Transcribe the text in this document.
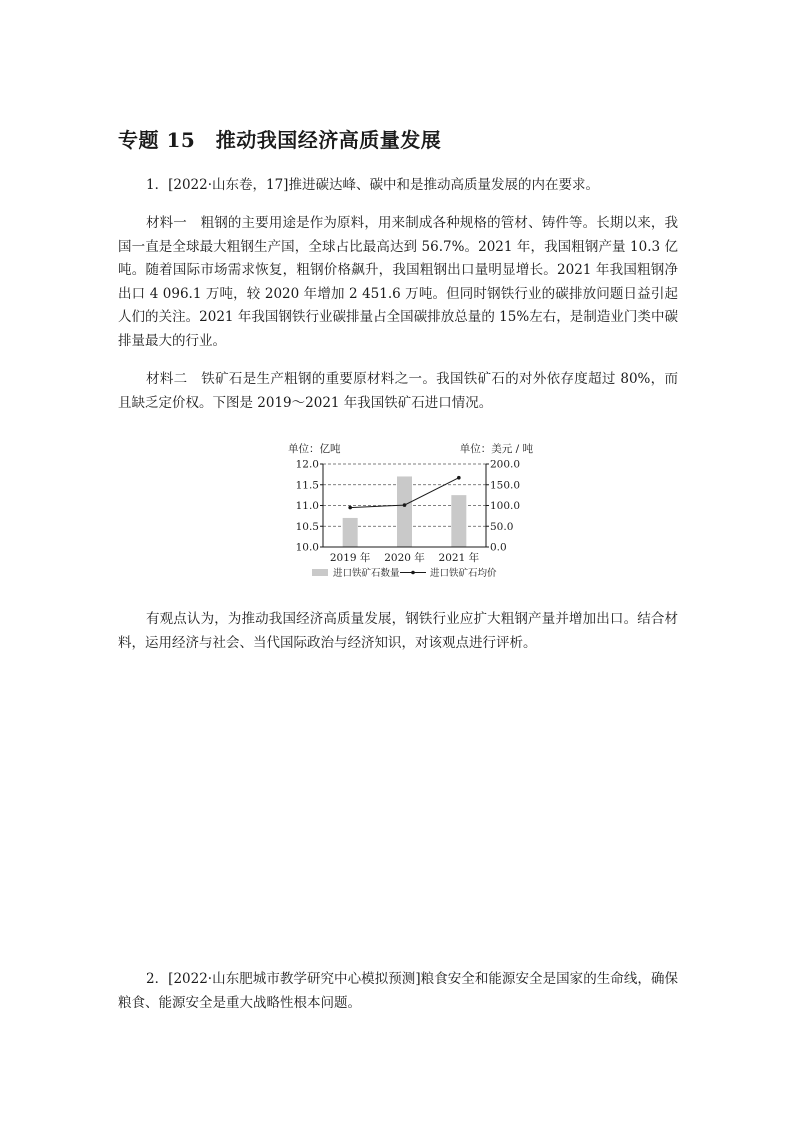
专题 15　推动我国经济高质量发展
1．[2022·山东卷，17]推进碳达峰、碳中和是推动高质量发展的内在要求。
材料一　粗钢的主要用途是作为原料，用来制成各种规格的管材、铸件等。长期以来，我国一直是全球最大粗钢生产国，全球占比最高达到 56.7%。2021 年，我国粗钢产量 10.3 亿吨。随着国际市场需求恢复，粗钢价格飙升，我国粗钢出口量明显增长。2021 年我国粗钢净出口 4 096.1 万吨，较 2020 年增加 2 451.6 万吨。但同时钢铁行业的碳排放问题日益引起人们的关注。2021 年我国钢铁行业碳排量占全国碳排放总量的 15%左右，是制造业门类中碳排量最大的行业。
材料二　铁矿石是生产粗钢的重要原材料之一。我国铁矿石的对外依存度超过 80%，而且缺乏定价权。下图是 2019～2021 年我国铁矿石进口情况。
10.0
10.5
11.0
11.5
12.0
0.0
50.0
100.0
150.0
200.0
单位：亿吨	单位：美元 / 吨
2019 年 2020 年 2021 年
进口铁矿石数量	进口铁矿石均价
有观点认为，为推动我国经济高质量发展，钢铁行业应扩大粗钢产量并增加出口。结合材料，运用经济与社会、当代国际政治与经济知识，对该观点进行评析。
2．[2022·山东肥城市教学研究中心模拟预测]粮食安全和能源安全是国家的生命线，确保粮食、能源安全是重大战略性根本问题。
